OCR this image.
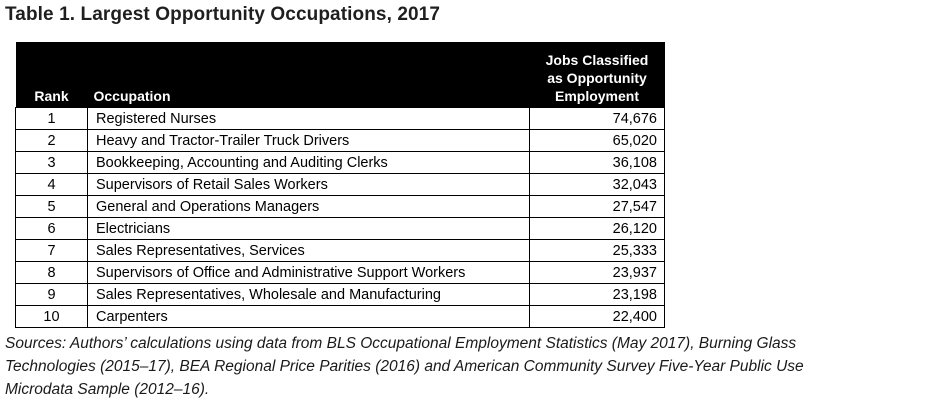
Table 1. Largest Opportunity Occupations, 2017
Rank	Occupation	Jobs Classified
as Opportunity
Employment

1	Registered Nurses	74,676
2	Heavy and Tractor-Trailer Truck Drivers	65,020
3	Bookkeeping, Accounting and Auditing Clerks	36,108
4	Supervisors of Retail Sales Workers	32,043
5	General and Operations Managers	27,547
6	Electricians	26,120
7	Sales Representatives, Services	25,333
8	Supervisors of Office and Administrative Support Workers	23,937
9	Sales Representatives, Wholesale and Manufacturing	23,198
10	Carpenters	22,400
Sources: Authors’ calculations using data from BLS Occupational Employment Statistics (May 2017), Burning Glass
Technologies (2015–17), BEA Regional Price Parities (2016) and American Community Survey Five-Year Public Use
Microdata Sample (2012–16).
